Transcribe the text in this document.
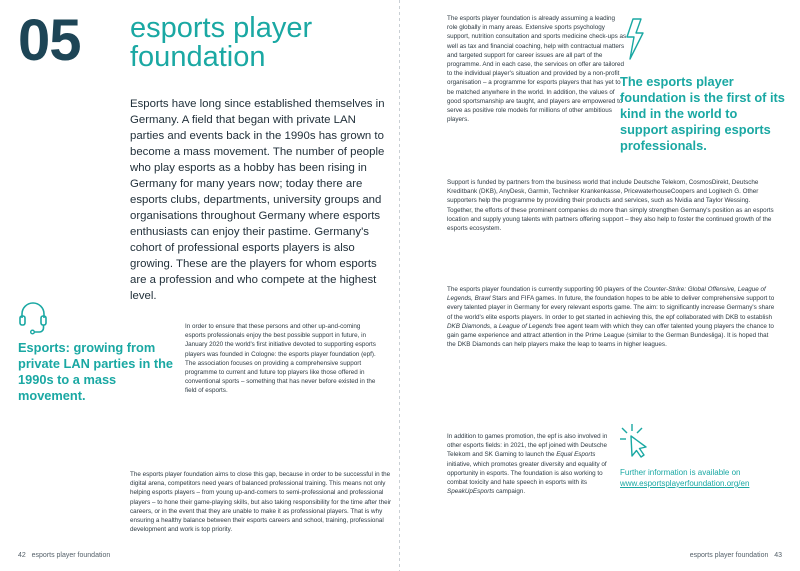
05 esports player foundation

Esports have long since established themselves in Germany. A field that began with private LAN parties and events back in the 1990s has grown to become a mass movement. The number of people who play esports as a hobby has been rising in Germany for many years now; today there are esports clubs, departments, university groups and organisations throughout Germany where esports enthusiasts can enjoy their pastime. Germany's cohort of professional esports players is also growing. These are the players for whom esports are a profession and who compete at the highest level.

Esports: growing from private LAN parties in the 1990s to a mass movement.

In order to ensure that these persons and other up-and-coming esports professionals enjoy the best possible support in future, in January 2020 the world's first initiative devoted to supporting esports players was founded in Cologne: the esports player foundation (epf). The association focuses on providing a comprehensive support programme to current and future top players like those offered in conventional sports – something that has never before existed in the field of esports.

The esports player foundation aims to close this gap, because in order to be successful in the digital arena, competitors need years of balanced professional training. This means not only helping esports players – from young up-and-comers to semi-professional and professional players – to hone their game-playing skills, but also taking responsibility for the time after their careers, or in the event that they are unable to make it as professional players. That is why ensuring a healthy balance between their esports careers and school, training, professional development and work is top priority.

42 esports player foundation

The esports player foundation is already assuming a leading role globally in many areas. Extensive sports psychology support, nutrition consultation and sports medicine check-ups as well as tax and financial coaching, help with contractual matters and targeted support for career issues are all part of the programme. And in each case, the services on offer are tailored to the individual player's situation and provided by a non-profit organisation – a programme for esports players that has yet to be matched anywhere in the world. In addition, the values of good sportsmanship are taught, and players are empowered to serve as positive role models for millions of other ambitious players.

The esports player foundation is the first of its kind in the world to support aspiring esports professionals.

Support is funded by partners from the business world that include Deutsche Telekom, CosmosDirekt, Deutsche Kreditbank (DKB), AnyDesk, Garmin, Techniker Krankenkasse, PricewaterhouseCoopers and Logitech G. Other supporters help the programme by providing their products and services, such as Nvidia and Taylor Wessing. Together, the efforts of these prominent companies do more than simply strengthen Germany's position as an esports location and supply young talents with partners offering support – they also help to foster the continued growth of the esports ecosystem.

The esports player foundation is currently supporting 90 players of the Counter-Strike: Global Offensive, League of Legends, Brawl Stars and FIFA games. In future, the foundation hopes to be able to deliver comprehensive support to every talented player in Germany for every relevant esports game. The aim: to significantly increase Germany's share of the world's elite esports players. In order to get started in achieving this, the epf collaborated with DKB to establish DKB Diamonds, a League of Legends free agent team with which they can offer talented young players the chance to gain game experience and attract attention in the Prime League (similar to the German Bundesliga). It is hoped that the DKB Diamonds can help players make the leap to teams in higher leagues.

In addition to games promotion, the epf is also involved in other esports fields: in 2021, the epf joined with Deutsche Telekom and SK Gaming to launch the Equal Esports initiative, which promotes greater diversity and equality of opportunity in esports. The foundation is also working to combat toxicity and hate speech in esports with its SpeakUpEsports campaign.

Further information is available on
www.esportsplayerfoundation.org/en
esports player foundation 43
